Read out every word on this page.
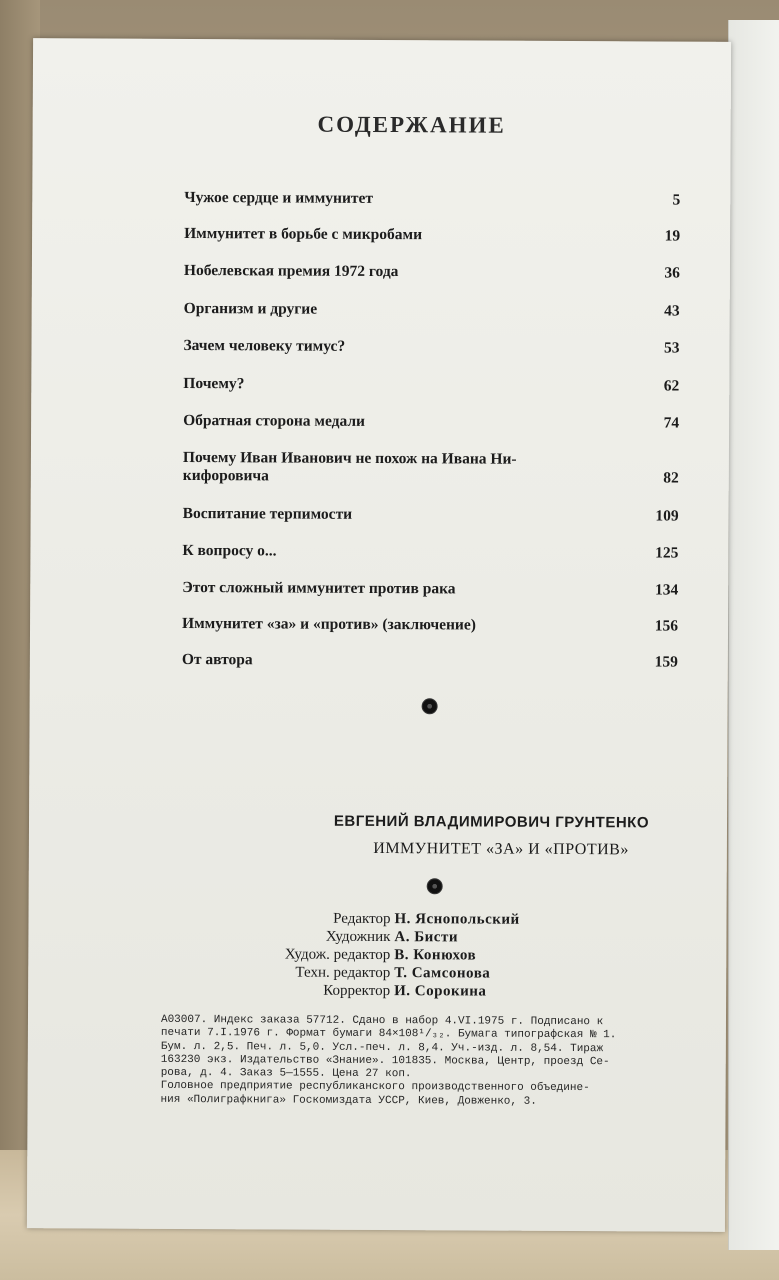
СОДЕРЖАНИЕ
Чужое сердце и иммунитет	5
Иммунитет в борьбе с микробами	19
Нобелевская премия 1972 года	36
Организм и другие	43
Зачем человеку тимус?	53
Почему?	62
Обратная сторона медали	74
Почему Иван Иванович не похож на Ивана Ни-
кифоровича	82
Воспитание терпимости	109
К вопросу о...	125
Этот сложный иммунитет против рака	134
Иммунитет «за» и «против» (заключение)	156
От автора	159
ЕВГЕНИЙ ВЛАДИМИРОВИЧ ГРУНТЕНКО
ИММУНИТЕТ «ЗА» И «ПРОТИВ»
Редактор Н. Яснопольский
Художник А. Бисти
Худож. редактор В. Конюхов
Техн. редактор Т. Самсонова
Корректор И. Сорокина
А03007. Индекс заказа 57712. Сдано в набор 4.VI.1975 г. Подписано к
печати 7.I.1976 г. Формат бумаги 84×108¹/₃₂. Бумага типографская № 1.
Бум. л. 2,5. Печ. л. 5,0. Усл.-печ. л. 8,4. Уч.-изд. л. 8,54. Тираж
163230 экз. Издательство «Знание». 101835. Москва, Центр, проезд Се-
рова, д. 4. Заказ 5—1555. Цена 27 коп.
Головное предприятие республиканского производственного объедине-
ния «Полиграфкнига» Госкомиздата УССР, Киев, Довженко, 3.
